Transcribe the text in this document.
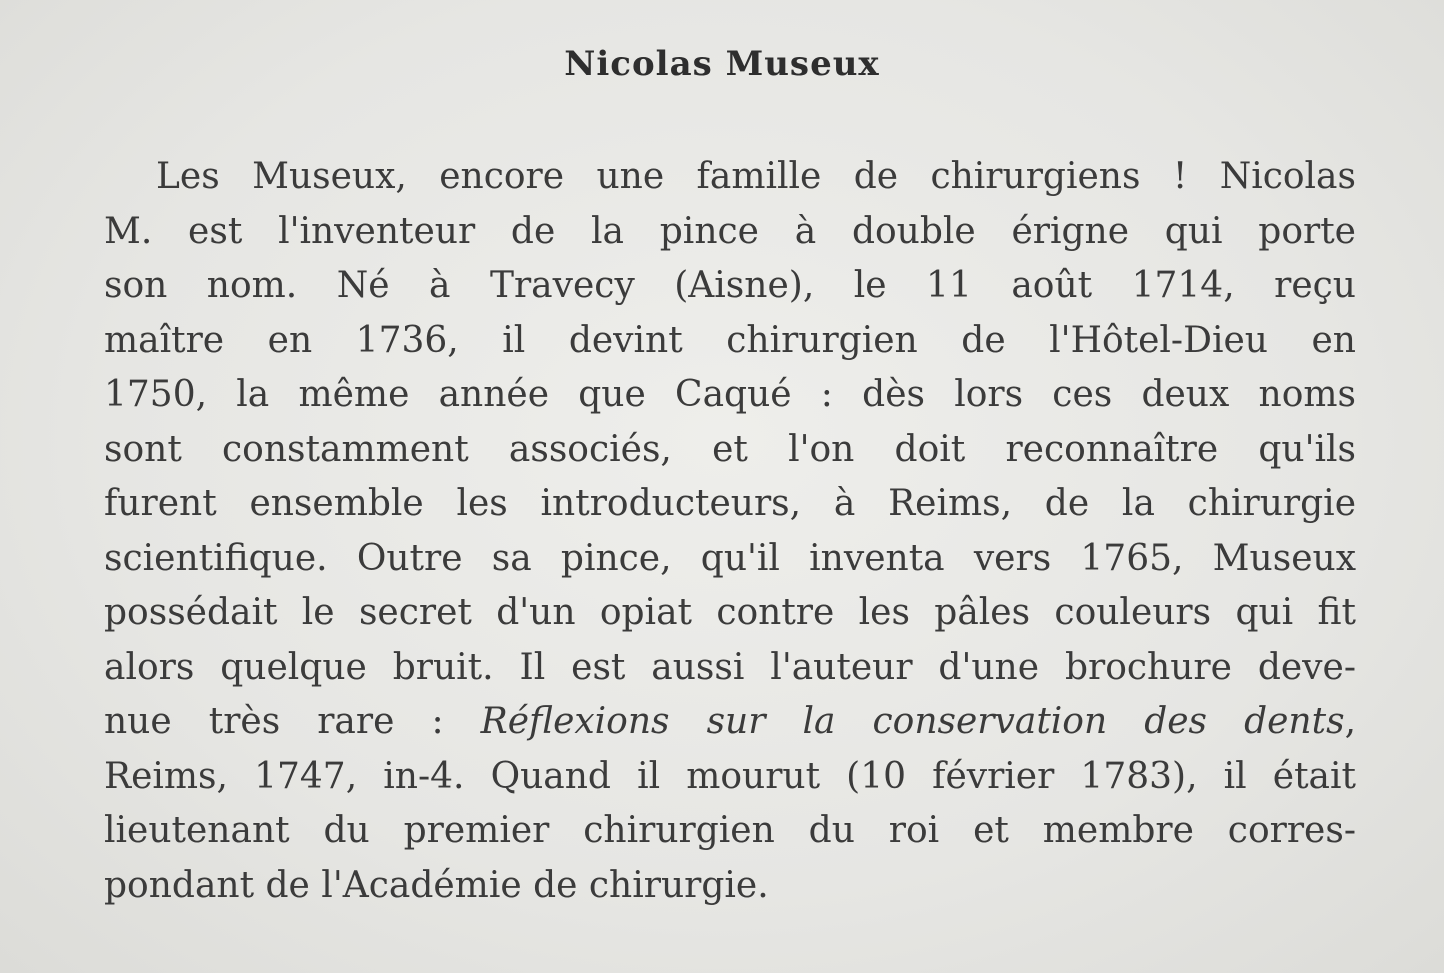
Nicolas Museux
Les Museux, encore une famille de chirurgiens ! Nicolas
M. est l'inventeur de la pince à double érigne qui porte
son nom. Né à Travecy (Aisne), le 11 août 1714, reçu
maître en 1736, il devint chirurgien de l'Hôtel-Dieu en
1750, la même année que Caqué : dès lors ces deux noms
sont constamment associés, et l'on doit reconnaître qu'ils
furent ensemble les introducteurs, à Reims, de la chirurgie
scientifique. Outre sa pince, qu'il inventa vers 1765, Museux
possédait le secret d'un opiat contre les pâles couleurs qui fit
alors quelque bruit. Il est aussi l'auteur d'une brochure deve-
nue très rare : Réflexions sur la conservation des dents,
Reims, 1747, in-4. Quand il mourut (10 février 1783), il était
lieutenant du premier chirurgien du roi et membre corres-
pondant de l'Académie de chirurgie.
